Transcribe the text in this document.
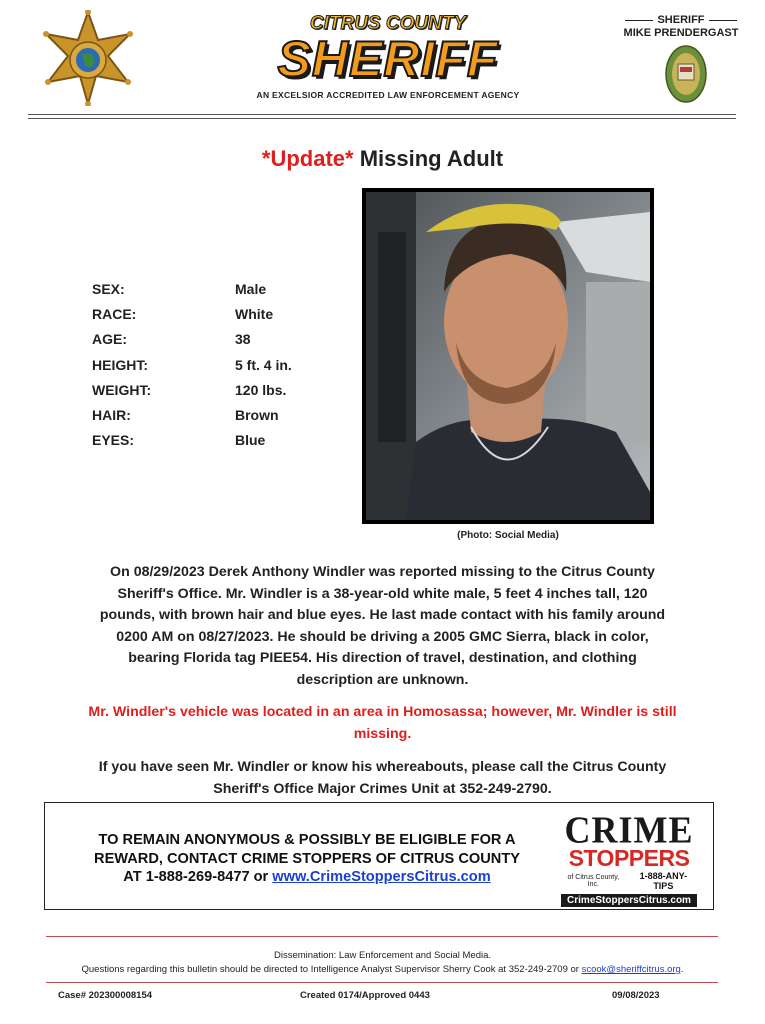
CITRUS COUNTY
SHERIFF
AN EXCELSIOR ACCREDITED LAW ENFORCEMENT AGENCY
SHERIFF
MIKE PRENDERGAST
*Update* Missing Adult
SEX:	Male
RACE:	White
AGE:	38
HEIGHT:	5 ft. 4 in.
WEIGHT:	120 lbs.
HAIR:	Brown
EYES:	Blue
(Photo: Social Media)
On 08/29/2023 Derek Anthony Windler was reported missing to the Citrus County
Sheriff's Office. Mr. Windler is a 38-year-old white male, 5 feet 4 inches tall, 120
pounds, with brown hair and blue eyes. He last made contact with his family around
0200 AM on 08/27/2023. He should be driving a 2005 GMC Sierra, black in color,
bearing Florida tag PIEE54. His direction of travel, destination, and clothing
description are unknown.
Mr. Windler's vehicle was located in an area in Homosassa; however, Mr. Windler is still
missing.
If you have seen Mr. Windler or know his whereabouts, please call the Citrus County
Sheriff's Office Major Crimes Unit at 352-249-2790.
TO REMAIN ANONYMOUS & POSSIBLY BE ELIGIBLE FOR A
REWARD, CONTACT CRIME STOPPERS OF CITRUS COUNTY
AT 1-888-269-8477 or www.CrimeStoppersCitrus.com
CRIME
STOPPERS
of Citrus County, Inc.
1-888-ANY-TIPS
CrimeStoppersCitrus.com
Dissemination: Law Enforcement and Social Media.
Questions regarding this bulletin should be directed to Intelligence Analyst Supervisor Sherry Cook at 352-249-2709 or scook@sheriffcitrus.org.
Case# 202300008154	Created 0174/Approved 0443	09/08/2023
